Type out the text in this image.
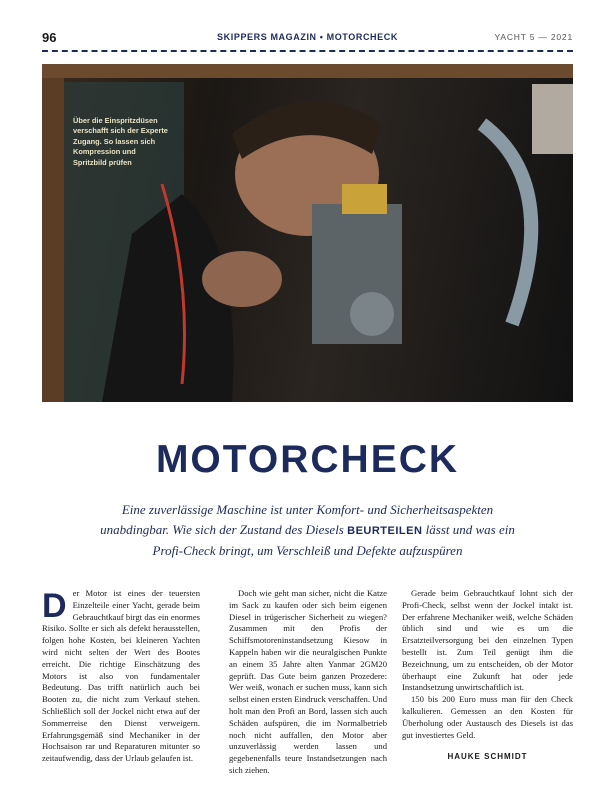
96	SKIPPERS MAGAZIN • MOTORCHECK	YACHT 5 — 2021
Über die Einspritzdüsen verschafft sich der Experte Zugang. So lassen sich Kompression und Spritzbild prüfen
MOTORCHECK

Eine zuverlässige Maschine ist unter Komfort- und Sicherheitsaspekten unabdingbar. Wie sich der Zustand des Diesels BEURTEILEN lässt und was ein Profi-Check bringt, um Verschleiß und Defekte aufzuspüren

D er Motor ist eines der teuersten Einzelteile einer Yacht, gerade beim Gebrauchtkauf birgt das ein enormes Risiko. Sollte er sich als defekt herausstellen, folgen hohe Kosten, bei kleineren Yachten wird nicht selten der Wert des Bootes erreicht. Die richtige Einschätzung des Motors ist also von fundamentaler Bedeutung. Das trifft natürlich auch bei Booten zu, die nicht zum Verkauf stehen. Schließlich soll der Jockel nicht etwa auf der Sommerreise den Dienst verweigern. Erfahrungsgemäß sind Mechaniker in der Hochsaison rar und Reparaturen mitunter so zeitaufwendig, dass der Urlaub gelaufen ist.

Doch wie geht man sicher, nicht die Katze im Sack zu kaufen oder sich beim eigenen Diesel in trügerischer Sicherheit zu wiegen? Zusammen mit den Profis der Schiffsmotoreninstandsetzung Kiesow in Kappeln haben wir die neuralgischen Punkte an einem 35 Jahre alten Yanmar 2GM20 geprüft. Das Gute beim ganzen Prozedere: Wer weiß, wonach er suchen muss, kann sich selbst einen ersten Eindruck verschaffen. Und holt man den Profi an Bord, lassen sich auch Schäden aufspüren, die im Normalbetrieb noch nicht auffallen, den Motor aber unzuverlässig werden lassen und gegebenenfalls teure Instandsetzungen nach sich ziehen.

Gerade beim Gebrauchtkauf lohnt sich der Profi-Check, selbst wenn der Jockel intakt ist. Der erfahrene Mechaniker weiß, welche Schäden üblich sind und wie es um die Ersatzteilversorgung bei den einzelnen Typen bestellt ist. Zum Teil genügt ihm die Bezeichnung, um zu entscheiden, ob der Motor überhaupt eine Zukunft hat oder jede Instandsetzung unwirtschaftlich ist.

150 bis 200 Euro muss man für den Check kalkulieren. Gemessen an den Kosten für Überholung oder Austausch des Diesels ist das gut investiertes Geld.

HAUKE SCHMIDT
